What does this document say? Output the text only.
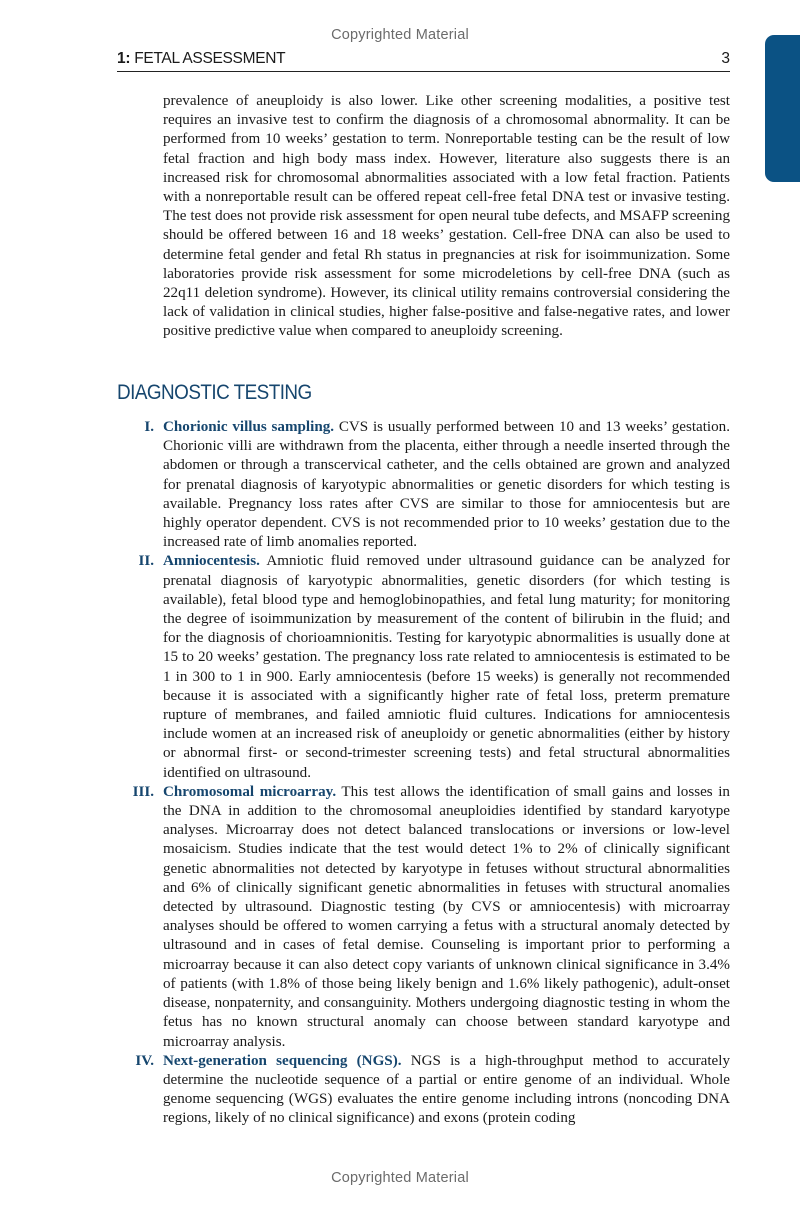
Copyrighted Material
1: FETAL ASSESSMENT	3

prevalence of aneuploidy is also lower. Like other screening modalities, a positive test requires an invasive test to confirm the diagnosis of a chromosomal abnormality. It can be performed from 10 weeks’ gestation to term. Nonreportable testing can be the result of low fetal fraction and high body mass index. However, literature also suggests there is an increased risk for chromosomal abnormalities associated with a low fetal fraction. Patients with a nonreportable result can be offered repeat cell-free fetal DNA test or invasive testing. The test does not provide risk assessment for open neural tube defects, and MSAFP screening should be offered between 16 and 18 weeks’ gestation. Cell-free DNA can also be used to determine fetal gender and fetal Rh status in pregnancies at risk for isoimmunization. Some laboratories provide risk assessment for some microdeletions by cell-free DNA (such as 22q11 deletion syndrome). However, its clinical utility remains controversial considering the lack of validation in clinical studies, higher false-positive and false-negative rates, and lower positive predictive value when compared to aneuploidy screening.

DIAGNOSTIC TESTING
I. Chorionic villus sampling. CVS is usually performed between 10 and 13 weeks’ gestation. Chorionic villi are withdrawn from the placenta, either through a needle inserted through the abdomen or through a transcervical catheter, and the cells obtained are grown and analyzed for prenatal diagnosis of karyotypic abnormalities or genetic disorders for which testing is available. Pregnancy loss rates after CVS are similar to those for amniocentesis but are highly operator dependent. CVS is not recommended prior to 10 weeks’ gestation due to the increased rate of limb anomalies reported.
II. Amniocentesis. Amniotic fluid removed under ultrasound guidance can be analyzed for prenatal diagnosis of karyotypic abnormalities, genetic disorders (for which testing is available), fetal blood type and hemoglobinopathies, and fetal lung maturity; for monitoring the degree of isoimmunization by measurement of the content of bilirubin in the fluid; and for the diagnosis of chorioamnionitis. Testing for karyotypic abnormalities is usually done at 15 to 20 weeks’ gestation. The pregnancy loss rate related to amniocentesis is estimated to be 1 in 300 to 1 in 900. Early amniocentesis (before 15 weeks) is generally not recommended because it is associated with a significantly higher rate of fetal loss, preterm premature rupture of membranes, and failed amniotic fluid cultures. Indications for amniocentesis include women at an increased risk of aneuploidy or genetic abnormalities (either by history or abnormal first- or second-trimester screening tests) and fetal structural abnormalities identified on ultrasound.
III. Chromosomal microarray. This test allows the identification of small gains and losses in the DNA in addition to the chromosomal aneuploidies identified by standard karyotype analyses. Microarray does not detect balanced translocations or inversions or low-level mosaicism. Studies indicate that the test would detect 1% to 2% of clinically significant genetic abnormalities not detected by karyotype in fetuses without structural abnormalities and 6% of clinically significant genetic abnormalities in fetuses with structural anomalies detected by ultrasound. Diagnostic testing (by CVS or amniocentesis) with microarray analyses should be offered to women carrying a fetus with a structural anomaly detected by ultrasound and in cases of fetal demise. Counseling is important prior to performing a microarray because it can also detect copy variants of unknown clinical significance in 3.4% of patients (with 1.8% of those being likely benign and 1.6% likely pathogenic), adult-onset disease, nonpaternity, and consanguinity. Mothers undergoing diagnostic testing in whom the fetus has no known structural anomaly can choose between standard karyotype and microarray analysis.
IV. Next-generation sequencing (NGS). NGS is a high-throughput method to accurately determine the nucleotide sequence of a partial or entire genome of an individual. Whole genome sequencing (WGS) evaluates the entire genome including introns (noncoding DNA regions, likely of no clinical significance) and exons (protein coding
Copyrighted Material
